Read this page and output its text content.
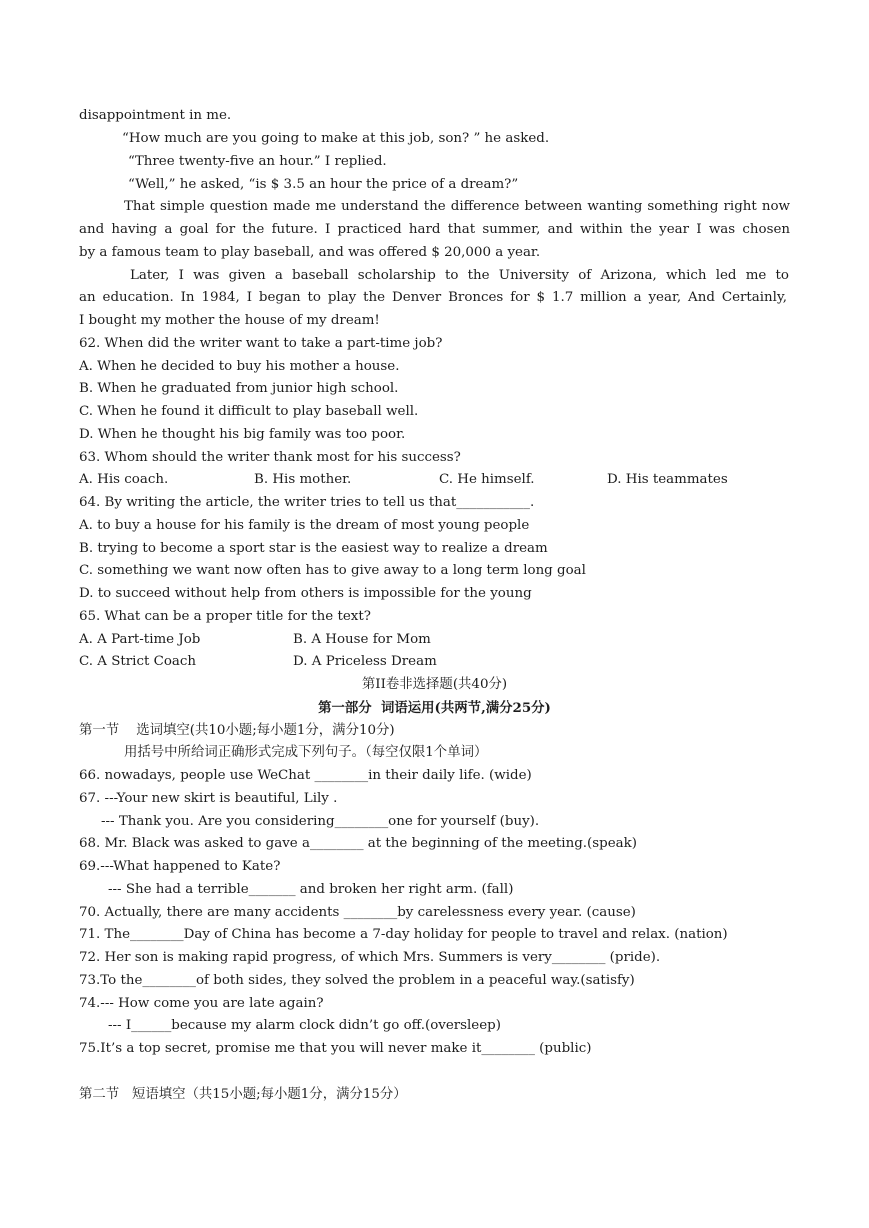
disappointment in me.
“How much are you going to make at this job, son? ” he asked.
“Three twenty-five an hour.” I replied.
“Well,” he asked, “is $ 3.5 an hour the price of a dream?”
That simple question made me understand the difference between wanting something right now
and having a goal for the future. I practiced hard that summer, and within the year I was chosen
by a famous team to play baseball, and was offered $ 20,000 a year.
Later, I was given a baseball scholarship to the University of Arizona, which led me to
an education. In 1984, I began to play the Denver Bronces for $ 1.7 million a year, And Certainly,
I bought my mother the house of my dream!
62. When did the writer want to take a part-time job?
A. When he decided to buy his mother a house.
B. When he graduated from junior high school.
C. When he found it difficult to play baseball well.
D. When he thought his big family was too poor.
63. Whom should the writer thank most for his success?
A. His coach.	B. His mother.	C. He himself.	D. His teammates
64. By writing the article, the writer tries to tell us that___________.
A. to buy a house for his family is the dream of most young people
B. trying to become a sport star is the easiest way to realize a dream
C. something we want now often has to give away to a long term long goal
D. to succeed without help from others is impossible for the young
65. What can be a proper title for the text?
A. A Part-time Job	B. A House for Mom
C. A Strict Coach	D. A Priceless Dream
第II卷非选择题(共40分)
第一部分  词语运用(共两节,满分25分)
第一节    选词填空(共10小题;每小题1分，满分10分)
用括号中所给词正确形式完成下列句子。（每空仅限1个单词）
66. nowadays, people use WeChat ________in their daily life. (wide)
67. ---Your new skirt is beautiful, Lily .
--- Thank you. Are you considering________one for yourself (buy).
68. Mr. Black was asked to gave a________ at the beginning of the meeting.(speak)
69.---What happened to Kate?
--- She had a terrible_______ and broken her right arm. (fall)
70. Actually, there are many accidents ________by carelessness every year. (cause)
71. The________Day of China has become a 7-day holiday for people to travel and relax. (nation)
72. Her son is making rapid progress, of which Mrs. Summers is very________ (pride).
73.To the________of both sides, they solved the problem in a peaceful way.(satisfy)
74.--- How come you are late again?
--- I______because my alarm clock didn’t go off.(oversleep)
75.It’s a top secret, promise me that you will never make it________ (public)
第二节   短语填空（共15小题;每小题1分，满分15分）
